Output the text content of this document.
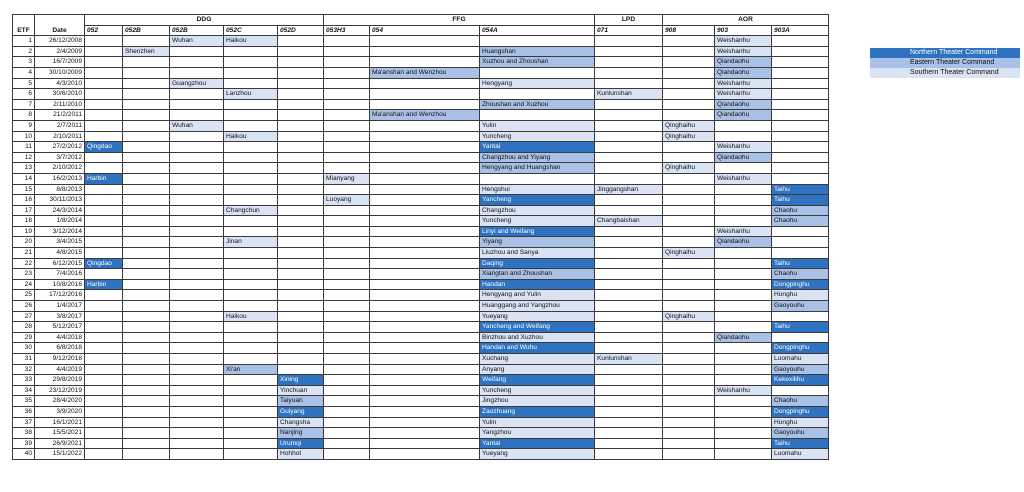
ETF	Date	DDG					FFG			LPD	AOR		
		052	052B	052B	052C	052D	053H3	054	054A	071	908	903	903A
1	26/12/2008			Wuhan	Haikou							Weishanhu	
2	2/4/2009		Shenzhen						Huangshan			Weishanhu	
3	16/7/2009								Xuzhou and Zhoushan			Qiandaohu	
4	30/10/2009							Ma'anshan and Wenzhou				Qiandaohu	
5	4/3/2010			Guangzhou					Hengyang			Weishanhu	
6	30/6/2010				Lanzhou					Kunlunshan		Weishanhu	
7	2/11/2010								Zhoushan and Xuzhou			Qiandaohu	
8	21/2/2011							Ma'anshan and Wenzhou				Qiandaohu	
9	2/7/2011			Wuhan					Yulin		Qinghaihu		
10	2/10/2011				Haikou				Yuncheng		Qinghaihu		
11	27/2/2012	Qingdao							Yantai			Weishanhu	
12	3/7/2012								Changzhou and Yiyang			Qiandaohu	
13	2/10/2012								Hengyang and Huangshan		Qinghaihu		
14	16/2/2013	Harbin					Mianyang					Weishanhu	
15	8/8/2013								Hengshui	Jinggangshan			Taihu
16	30/11/2013						Luoyang		Yancheng				Taihu
17	24/3/2014				Changchun				Changzhou				Chaohu
18	1/8/2014								Yuncheng	Changbaishan			Chaohu
19	3/12/2014								Linyi and Weifang			Weishanhu	
20	3/4/2015				Jinan				Yiyang			Qiandaohu	
21	4/8/2015								Liuzhou and Sanya		Qinghaihu		
22	6/12/2015	Qingdao							Daqing				Taihu
23	7/4/2016								Xiangtan and Zhoushan				Chaohu
24	10/8/2016	Harbin							Handan				Dongpinghu
25	17/12/2016								Hengyang and Yulin				Honghu
26	1/4/2017								Huanggang and Yangzhou				Gaoyouhu
27	3/8/2017				Haikou				Yueyang		Qinghaihu		
28	5/12/2017								Yancheng and Weifang				Taihu
29	4/4/2018								Binzhou and Xuzhou			Qiandaohu	
30	6/8/2018								Handan and Wuhu				Dongpinghu
31	9/12/2018								Xuchang	Kunlunshan			Luomahu
32	4/4/2019				Xi'an				Anyang				Gaoyouhu
33	29/8/2019					Xining			Weifang				Kekexilihu
34	23/12/2019					Yinchuan			Yuncheng			Weishanhu	
35	28/4/2020					Taiyuan			Jingzhou				Chaohu
36	3/9/2020					Guiyang			Zaozhuang				Dongpinghu
37	16/1/2021					Changsha			Yulin				Honghu
38	15/5/2021					Nanjing			Yangzhou				Gaoyouhu
39	26/9/2021					Urumqi			Yantai				Taihu
40	15/1/2022					Hohhot			Yueyang				Luomahu
Northern Theater Command
Eastern Theater Command
Southern Theater Command
